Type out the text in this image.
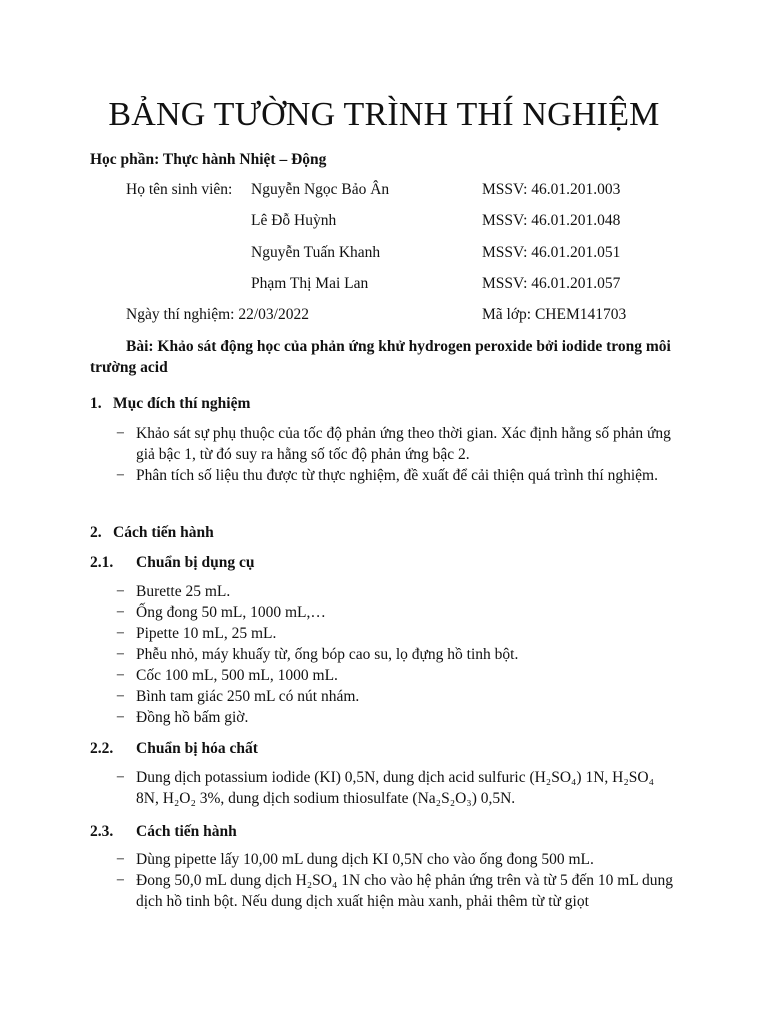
BẢNG TƯỜNG TRÌNH THÍ NGHIỆM
Học phần: Thực hành Nhiệt – Động
Họ tên sinh viên: Nguyễn Ngọc Bảo Ân	MSSV: 46.01.201.003
Lê Đỗ Huỳnh	MSSV: 46.01.201.048
Nguyễn Tuấn Khanh	MSSV: 46.01.201.051
Phạm Thị Mai Lan	MSSV: 46.01.201.057
Ngày thí nghiệm: 22/03/2022	Mã lớp: CHEM141703
Bài: Khảo sát động học của phản ứng khử hydrogen peroxide bởi iodide trong môi trường acid
1. Mục đích thí nghiệm
− Khảo sát sự phụ thuộc của tốc độ phản ứng theo thời gian. Xác định hằng số phản ứng giả bậc 1, từ đó suy ra hằng số tốc độ phản ứng bậc 2.
− Phân tích số liệu thu được từ thực nghiệm, đề xuất để cải thiện quá trình thí nghiệm.
2. Cách tiến hành
2.1. Chuẩn bị dụng cụ
− Burette 25 mL.
− Ống đong 50 mL, 1000 mL,…
− Pipette 10 mL, 25 mL.
− Phễu nhỏ, máy khuấy từ, ống bóp cao su, lọ đựng hồ tinh bột.
− Cốc 100 mL, 500 mL, 1000 mL.
− Bình tam giác 250 mL có nút nhám.
− Đồng hồ bấm giờ.
2.2. Chuẩn bị hóa chất
− Dung dịch potassium iodide (KI) 0,5N, dung dịch acid sulfuric (H₂SO₄) 1N, H₂SO₄ 8N, H₂O₂ 3%, dung dịch sodium thiosulfate (Na₂S₂O₃) 0,5N.
2.3. Cách tiến hành
− Dùng pipette lấy 10,00 mL dung dịch KI 0,5N cho vào ống đong 500 mL.
− Đong 50,0 mL dung dịch H₂SO₄ 1N cho vào hệ phản ứng trên và từ 5 đến 10 mL dung dịch hồ tinh bột. Nếu dung dịch xuất hiện màu xanh, phải thêm từ từ giọt
